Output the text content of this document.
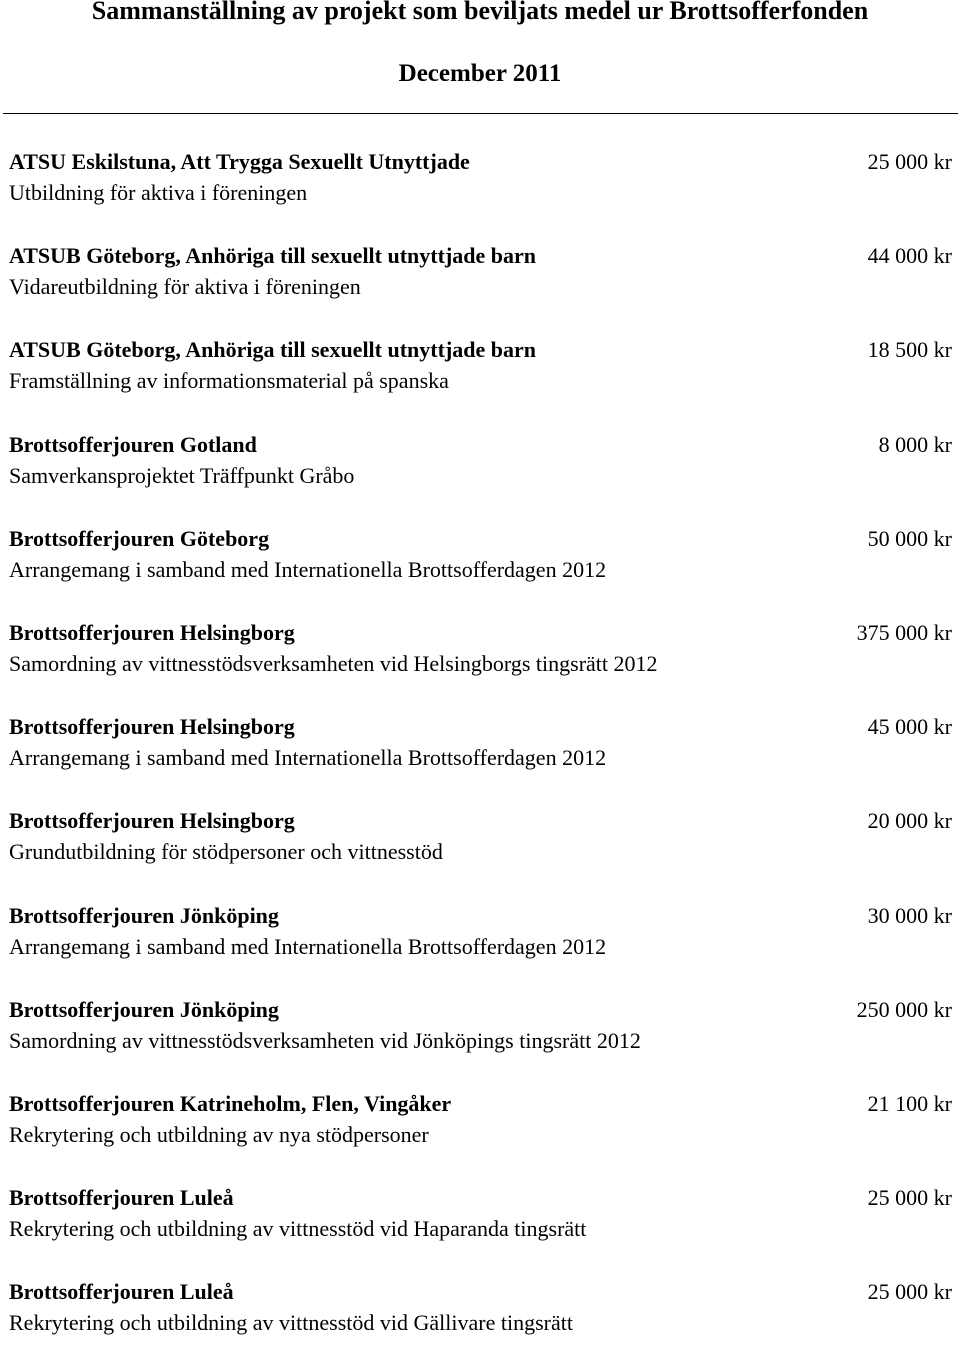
Sammanställning av projekt som beviljats medel ur Brottsofferfonden
December 2011
ATSU Eskilstuna, Att Trygga Sexuellt Utnyttjade
Utbildning för aktiva i föreningen
25 000 kr
ATSUB Göteborg, Anhöriga till sexuellt utnyttjade barn
Vidareutbildning för aktiva i föreningen
44 000 kr
ATSUB Göteborg, Anhöriga till sexuellt utnyttjade barn
Framställning av informationsmaterial på spanska
18 500 kr
Brottsofferjouren Gotland
Samverkansprojektet Träffpunkt Gråbo
8 000 kr
Brottsofferjouren Göteborg
Arrangemang i samband med Internationella Brottsofferdagen 2012
50 000 kr
Brottsofferjouren Helsingborg
Samordning av vittnesstödsverksamheten vid Helsingborgs tingsrätt 2012
375 000 kr
Brottsofferjouren Helsingborg
Arrangemang i samband med Internationella Brottsofferdagen 2012
45 000 kr
Brottsofferjouren Helsingborg
Grundutbildning för stödpersoner och vittnesstöd
20 000 kr
Brottsofferjouren Jönköping
Arrangemang i samband med Internationella Brottsofferdagen 2012
30 000 kr
Brottsofferjouren Jönköping
Samordning av vittnesstödsverksamheten vid Jönköpings tingsrätt 2012
250 000 kr
Brottsofferjouren Katrineholm, Flen, Vingåker
Rekrytering och utbildning av nya stödpersoner
21 100 kr
Brottsofferjouren Luleå
Rekrytering och utbildning av vittnesstöd vid Haparanda tingsrätt
25 000 kr
Brottsofferjouren Luleå
Rekrytering och utbildning av vittnesstöd vid Gällivare tingsrätt
25 000 kr
